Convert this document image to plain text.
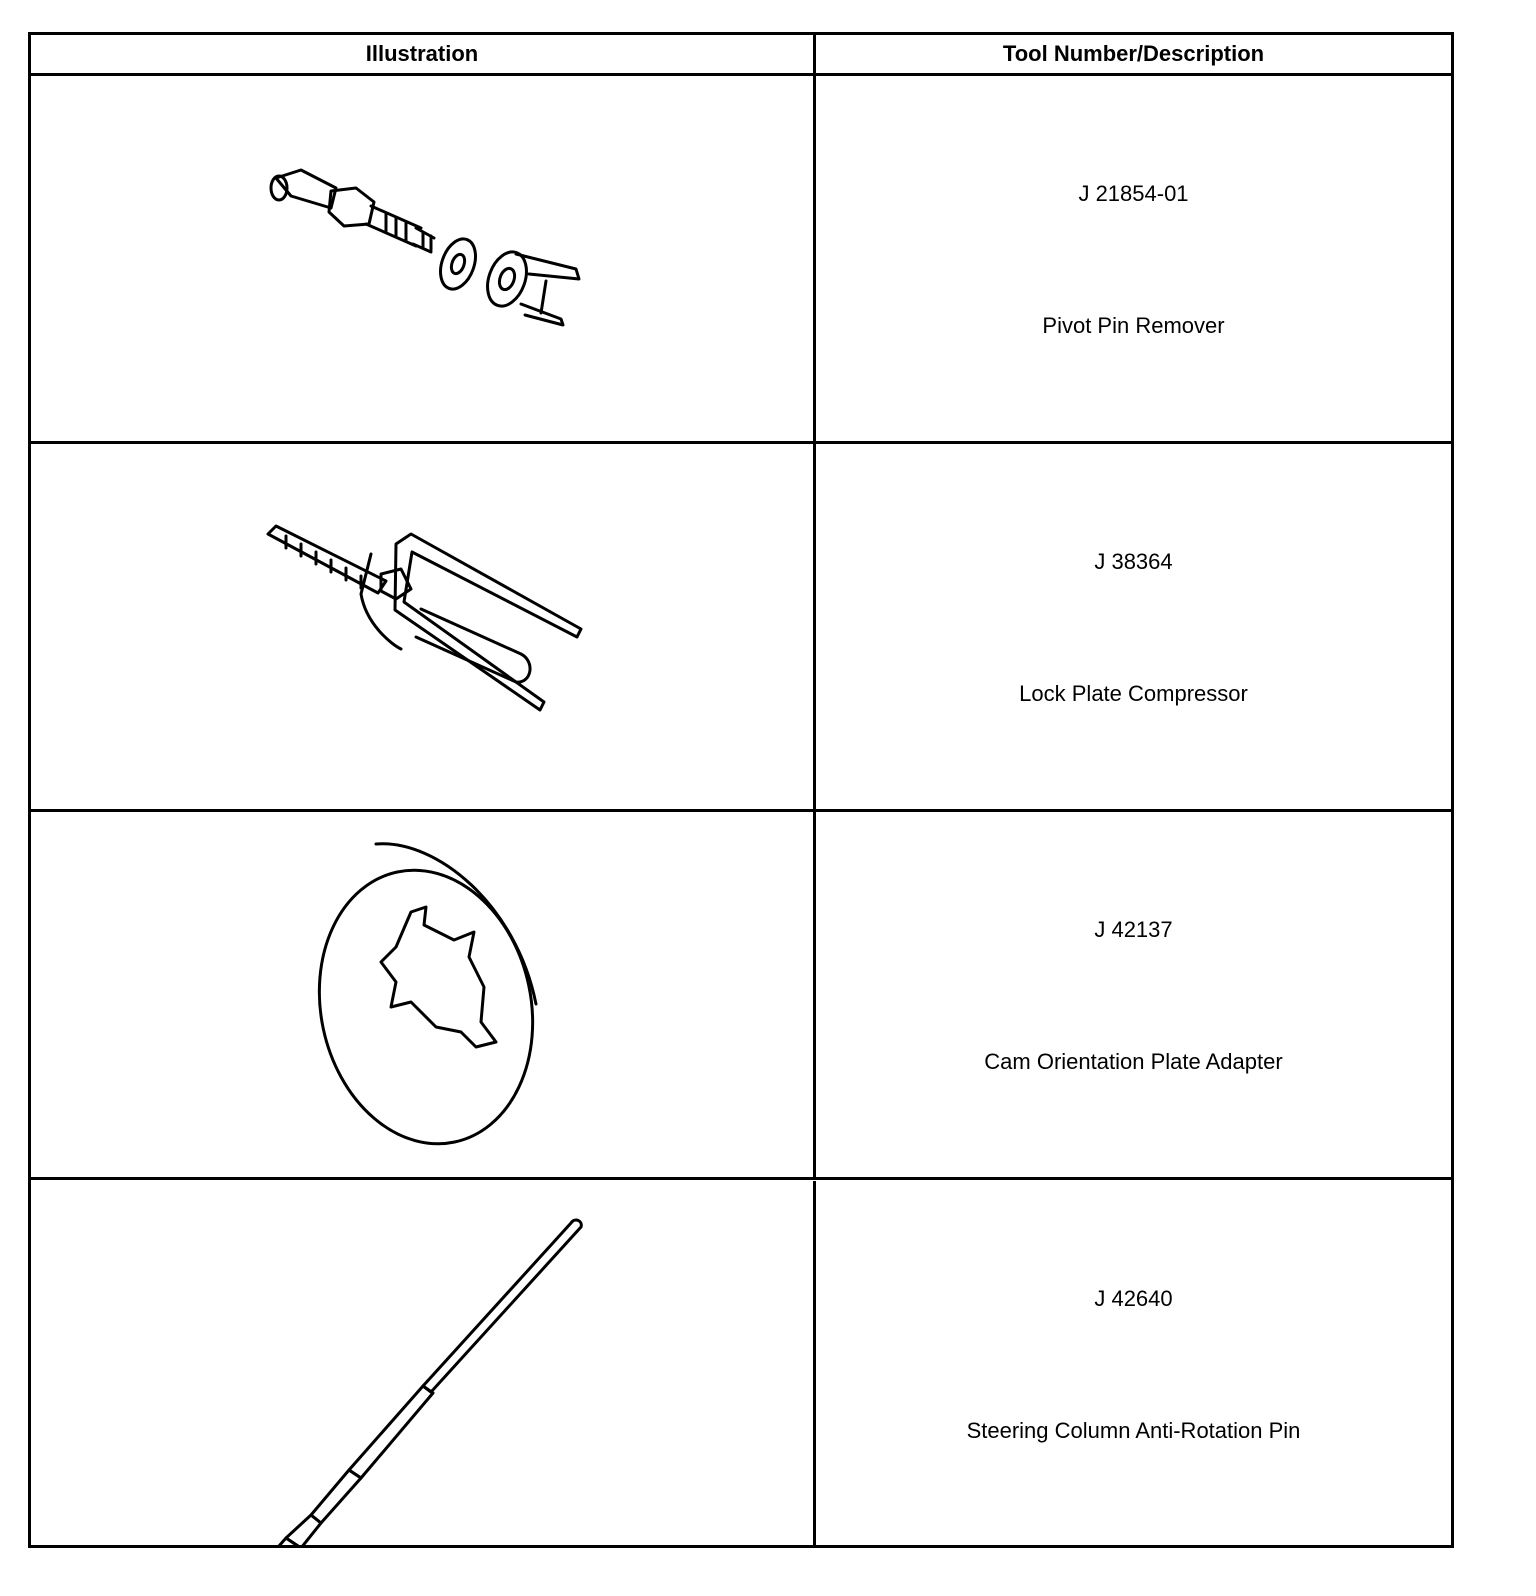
Illustration	Tool Number/Description
J 21854-01
Pivot Pin Remover
J 38364
Lock Plate Compressor
J 42137
Cam Orientation Plate Adapter
J 42640
Steering Column Anti-Rotation Pin
